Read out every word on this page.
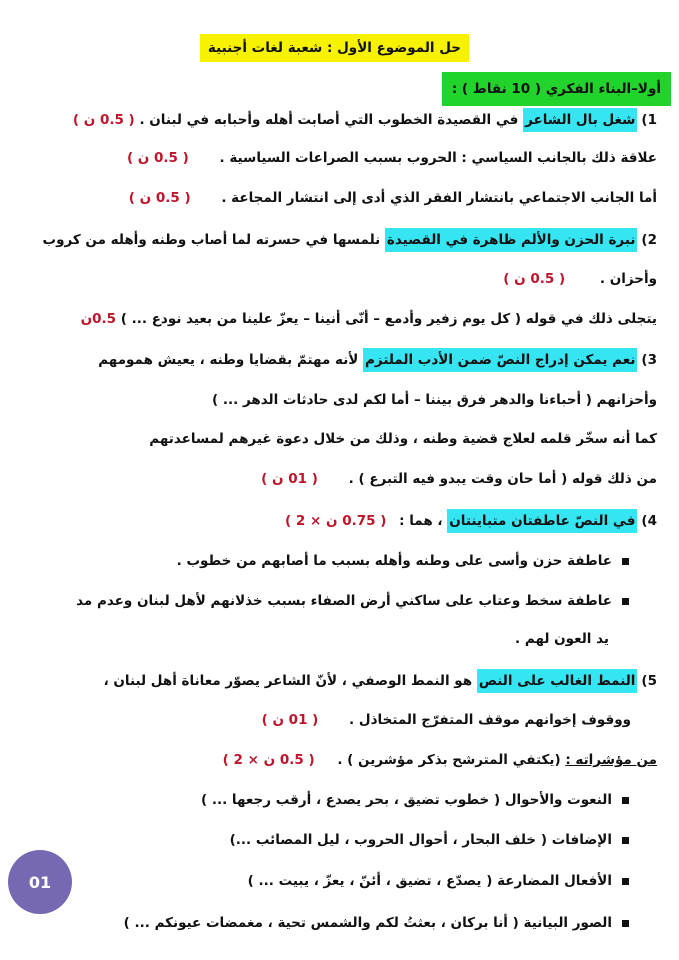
حل الموضوع الأول : شعبة لغات أجنبية
أولا–البناء الفكري ( 10 نقاط ) :
1)شغل بال الشاعر في القصيدة الخطوب التي أصابت أهله وأحبابه في لبنان . ( 0.5 ن )
علاقة ذلك بالجانب السياسي : الحروب بسبب الصراعات السياسية . ( 0.5 ن )
أما الجانب الاجتماعي بانتشار الفقر الذي أدى إلى انتشار المجاعة . ( 0.5 ن )
2)نبرة الحزن والألم ظاهرة في القصيدة نلمسها في حسرته لما أصاب وطنه وأهله من كروب
وأحزان . ( 0.5 ن )
يتجلى ذلك في قوله ( كل يوم زفير وأدمع – أنّى أنينا – يعزّ علينا من بعيد نودع ... ) 0.5ن
3)نعم يمكن إدراج النصّ ضمن الأدب الملتزم لأنه مهتمّ بقضايا وطنه ، يعيش همومهم
وأحزانهم ( أحباءنا والدهر فرق بيننا – أما لكم لدى حادثات الدهر ... )
كما أنه سخّر قلمه لعلاج قضية وطنه ، وذلك من خلال دعوة غيرهم لمساعدتهم
من ذلك قوله ( أما حان وقت يبدو فيه التبرع ) . ( 01 ن )
4)في النصّ عاطفتان متباينتان ، هما : ( 0.75 ن × 2 )
عاطفة حزن وأسى على وطنه وأهله بسبب ما أصابهم من خطوب .
عاطفة سخط وعتاب على ساكني أرض الصفاء بسبب خذلانهم لأهل لبنان وعدم مد
يد العون لهم .
5)النمط الغالب على النص هو النمط الوصفي ، لأنّ الشاعر يصوّر معاناة أهل لبنان ،
ووقوف إخوانهم موقف المتفرّج المتخاذل . ( 01 ن )
من مؤشراته : (يكتفي المترشح بذكر مؤشرين ) . ( 0.5 ن × 2 )
النعوت والأحوال ( خطوب تضيق ، بحر يصدع ، أرقب رجعها ... )
الإضافات ( خلف البحار ، أحوال الحروب ، ليل المصائب ...)
الأفعال المضارعة ( يصدّع ، تضيق ، أئنّ ، يعزّ ، يبيت ... )
الصور البيانية ( أنا بركان ، بعثتُ لكم والشمس تحية ، مغمضات عيونكم ... )
01
